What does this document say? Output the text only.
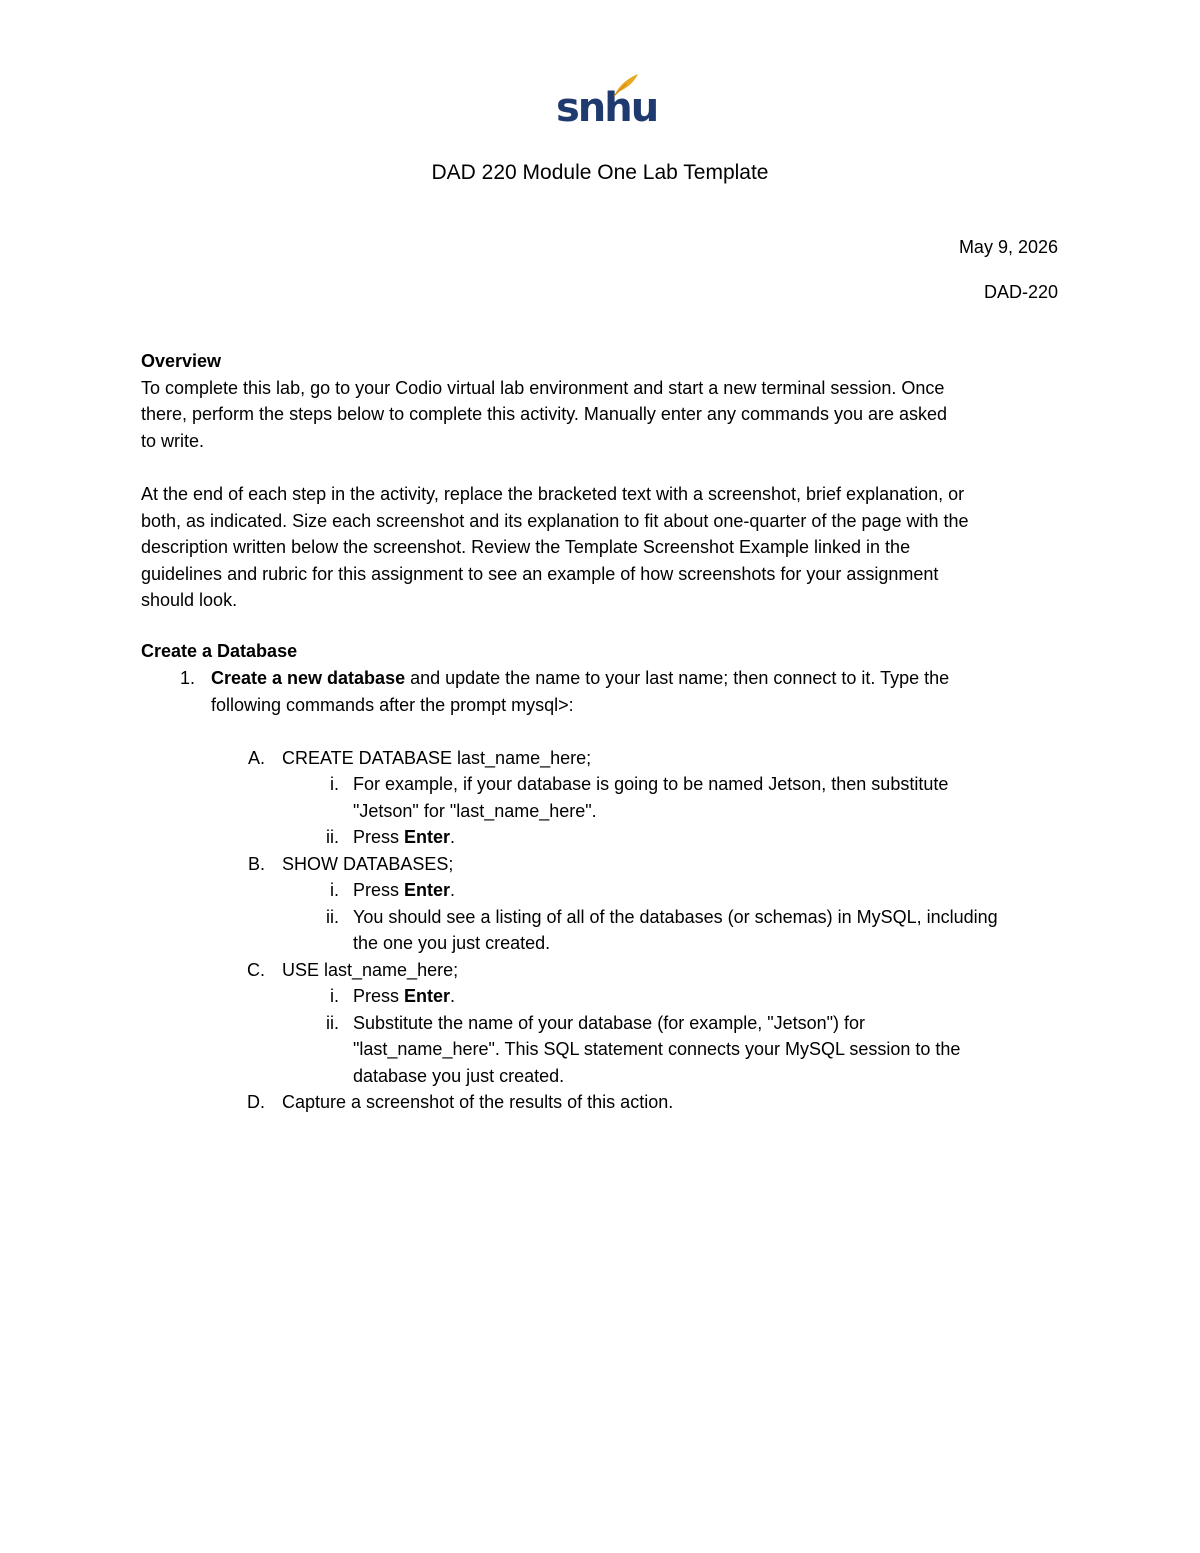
snhu
DAD 220 Module One Lab Template
May 9, 2026
DAD-220

Overview

To complete this lab, go to your Codio virtual lab environment and start a new terminal session. Once
there, perform the steps below to complete this activity. Manually enter any commands you are asked
to write.

At the end of each step in the activity, replace the bracketed text with a screenshot, brief explanation, or
both, as indicated. Size each screenshot and its explanation to fit about one-quarter of the page with the
description written below the screenshot. Review the Template Screenshot Example linked in the
guidelines and rubric for this assignment to see an example of how screenshots for your assignment
should look.

Create a Database

1. Create a new database and update the name to your last name; then connect to it. Type the
following commands after the prompt mysql>:
A. CREATE DATABASE last_name_here;
i. For example, if your database is going to be named Jetson, then substitute
"Jetson" for "last_name_here".
ii. Press Enter.
B. SHOW DATABASES;
i. Press Enter.
ii. You should see a listing of all of the databases (or schemas) in MySQL, including
the one you just created.
C. USE last_name_here;
i. Press Enter.
ii. Substitute the name of your database (for example, "Jetson") for
"last_name_here". This SQL statement connects your MySQL session to the
database you just created.
D. Capture a screenshot of the results of this action.
